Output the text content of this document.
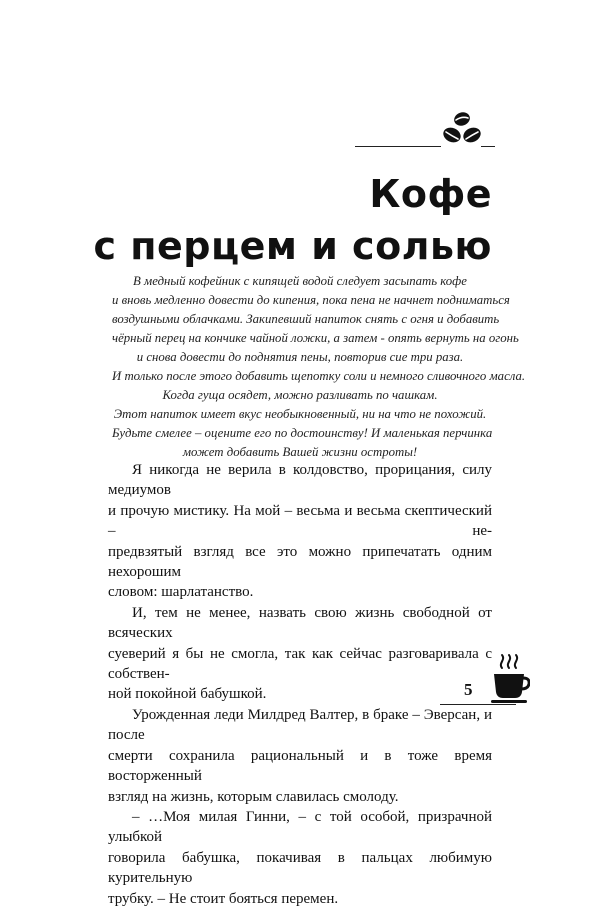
Кофе
с перцем и солью

В медный кофейник с кипящей водой следует засыпать кофе

и вновь медленно довести до кипения, пока пена не начнет подниматься

воздушными облачками. Закипевший напиток снять с огня и добавить

чёрный перец на кончике чайной ложки, а затем - опять вернуть на огонь

и снова довести до поднятия пены, повторив сие три раза.

И только после этого добавить щепотку соли и немного сливочного масла.

Когда гуща осядет, можно разливать по чашкам.

Этот напиток имеет вкус необыкновенный, ни на что не похожий.

Будьте смелее – оцените его по достоинству! И маленькая перчинка

может добавить Вашей жизни остроты!

Я никогда не верила в колдовство, прорицания, силу медиумов
и прочую мистику. На мой – весьма и весьма скептический – не-
предвзятый взгляд все это можно припечатать одним нехорошим
словом: шарлатанство.

И, тем не менее, назвать свою жизнь свободной от всяческих
суеверий я бы не смогла, так как сейчас разговаривала с собствен-
ной покойной бабушкой.

Урожденная леди Милдред Валтер, в браке – Эверсан, и после
смерти сохранила рациональный и в тоже время восторженный
взгляд на жизнь, которым славилась смолоду.

– …Моя милая Гинни, – с той особой, призрачной улыбкой
говорила бабушка, покачивая в пальцах любимую курительную
трубку. – Не стоит бояться перемен.

5
